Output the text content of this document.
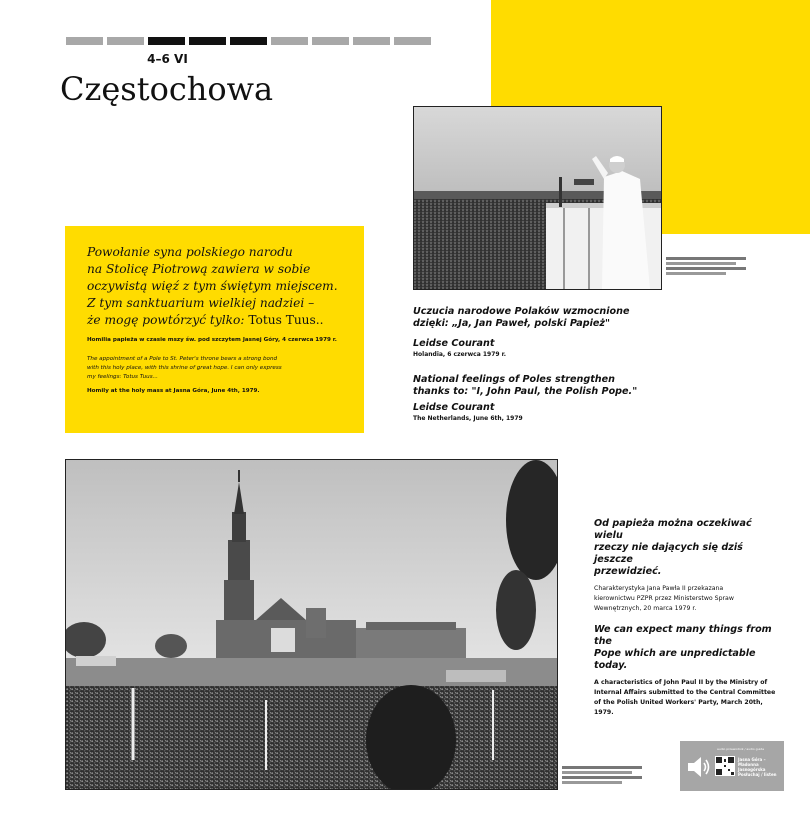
4–6 VI
Częstochowa

Powołanie syna polskiego narodu
na Stolicę Piotrową zawiera w sobie
oczywistą więź z tym świętym miejscem.
Z tym sanktuarium wielkiej nadziei –
że mogę powtórzyć tylko: Totus Tuus..

Homilia papieża w czasie mszy św. pod szczytem Jasnej Góry, 4 czerwca 1979 r.
The appointment of a Pole to St. Peter's throne bears a strong bond
with this holy place, with this shrine of great hope. I can only express
my feelings: Totus Tuus...
Homily at the holy mass at Jasna Góra, June 4th, 1979.

Uczucia narodowe Polaków wzmocnione
dzięki: „Ja, Jan Paweł, polski Papież"

Leidse Courant
Holandia, 6 czerwca 1979 r.

National feelings of Poles strengthen
thanks to: "I, John Paul, the Polish Pope."

Leidse Courant
The Netherlands, June 6th, 1979

Od papieża można oczekiwać wielu
rzeczy nie dających się dziś jeszcze
przewidzieć.

Charakterystyka Jana Pawła II przekazana
kierownictwu PZPR przez Ministerstwo Spraw
Wewnętrznych, 20 marca 1979 r.

We can expect many things from the
Pope which are unpredictable today.

A characteristics of John Paul II by the Ministry of
Internal Affairs submitted to the Central Committee
of the Polish United Workers' Party, March 20th, 1979.
audio przewodnik / audio guide
Jasna Góra – Madonna Jasnogórska
Posłuchaj / listen
